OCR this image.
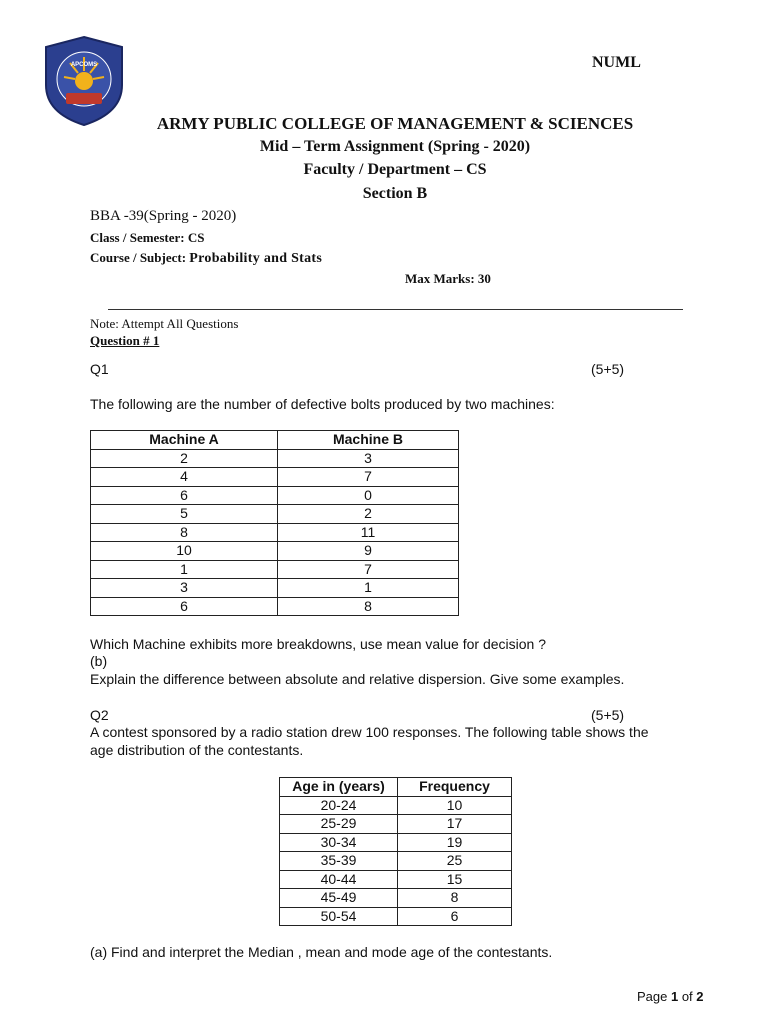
APCOMS	NUML
ARMY PUBLIC COLLEGE OF MANAGEMENT & SCIENCES
Mid – Term Assignment (Spring - 2020)
Faculty / Department – CS
Section B
BBA -39(Spring - 2020)
Class / Semester: CS
Course / Subject: Probability and Stats
Max Marks: 30
Note: Attempt All Questions
Question # 1
Q1	(5+5)
The following are the number of defective bolts produced by two machines:
Machine A	Machine B
2	3
4	7
6	0
5	2
8	11
10	9
1	7
3	1
6	8
Which Machine exhibits more breakdowns, use mean value for decision ?
(b)
Explain the difference between absolute and relative dispersion. Give some examples.
Q2	(5+5)
A contest sponsored by a radio station drew 100 responses. The following table shows the
age distribution of the contestants.
Age in (years)	Frequency
20-24	10
25-29	17
30-34	19
35-39	25
40-44	15
45-49	8
50-54	6
(a) Find and interpret the Median , mean and mode age of the contestants.
Page 1 of 2
